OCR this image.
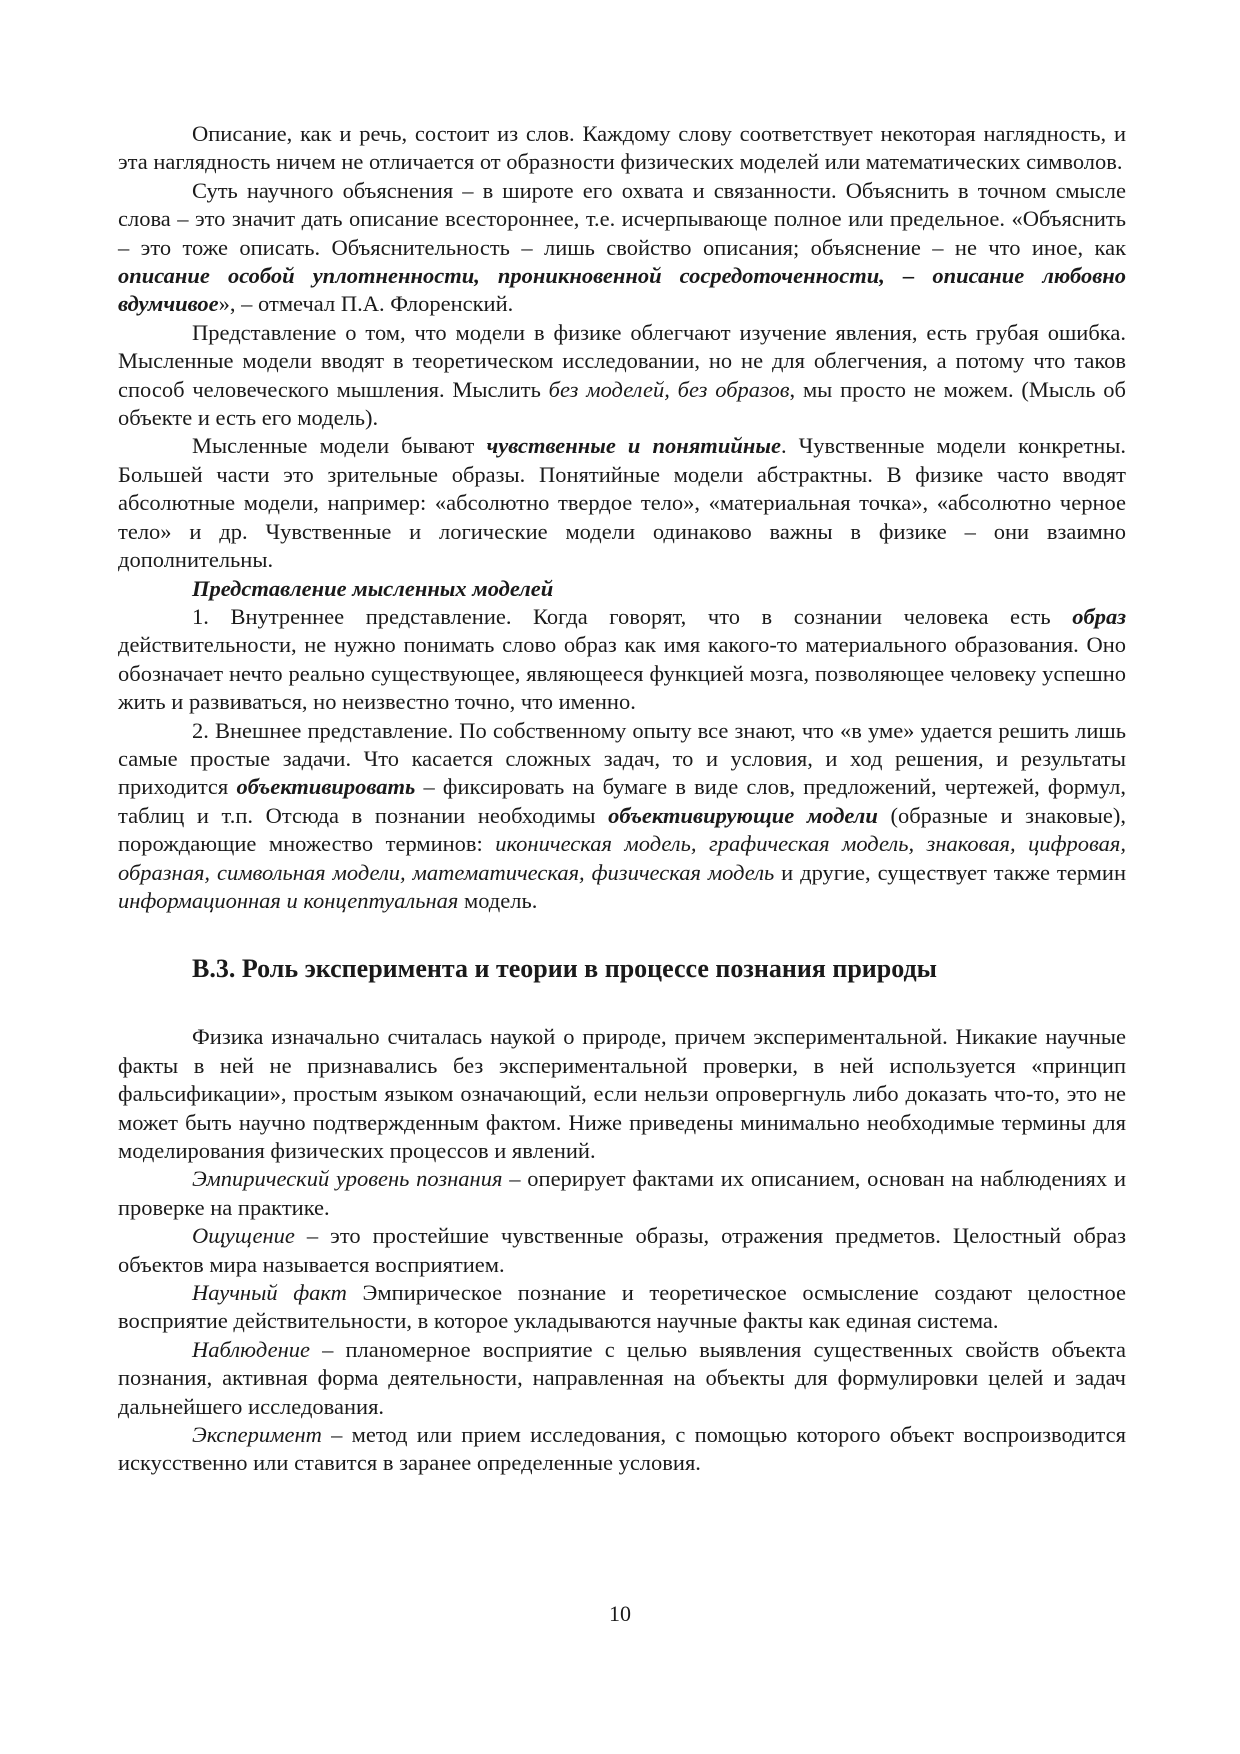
Описание, как и речь, состоит из слов. Каждому слову соответствует некоторая наглядность, и эта наглядность ничем не отличается от образности физических моделей или математических символов.

Суть научного объяснения – в широте его охвата и связанности. Объяснить в точном смысле слова – это значит дать описание всестороннее, т.е. исчерпывающе полное или предельное. «Объяснить – это тоже описать. Объяснительность – лишь свойство описания; объяснение – не что иное, как описание особой уплотненности, проникновенной сосредоточенности, – описание любовно вдумчивое», – отмечал П.А. Флоренский.

Представление о том, что модели в физике облегчают изучение явления, есть грубая ошибка. Мысленные модели вводят в теоретическом исследовании, но не для облегчения, а потому что таков способ человеческого мышления. Мыслить без моделей, без образов, мы просто не можем. (Мысль об объекте и есть его модель).

Мысленные модели бывают чувственные и понятийные. Чувственные модели конкретны. Большей части это зрительные образы. Понятийные модели абстрактны. В физике часто вводят абсолютные модели, например: «абсолютно твердое тело», «материальная точка», «абсолютно черное тело» и др. Чувственные и логические модели одинаково важны в физике – они взаимно дополнительны.

Представление мысленных моделей

1. Внутреннее представление. Когда говорят, что в сознании человека есть образ действительности, не нужно понимать слово образ как имя какого-то материального образования. Оно обозначает нечто реально существующее, являющееся функцией мозга, позволяющее человеку успешно жить и развиваться, но неизвестно точно, что именно.

2. Внешнее представление. По собственному опыту все знают, что «в уме» удается решить лишь самые простые задачи. Что касается сложных задач, то и условия, и ход решения, и результаты приходится объективировать – фиксировать на бумаге в виде слов, предложений, чертежей, формул, таблиц и т.п. Отсюда в познании необходимы объективирующие модели (образные и знаковые), порождающие множество терминов: иконическая модель, графическая модель, знаковая, цифровая, образная, символьная модели, математическая, физическая модель и другие, существует также термин информационная и концептуальная модель.

В.3. Роль эксперимента и теории в процессе познания природы

Физика изначально считалась наукой о природе, причем экспериментальной. Никакие научные факты в ней не признавались без экспериментальной проверки, в ней используется «принцип фальсификации», простым языком означающий, если нельзи опровергнуль либо доказать что-то, это не может быть научно подтвержденным фактом. Ниже приведены минимально необходимые термины для моделирования физических процессов и явлений.

Эмпирический уровень познания – оперирует фактами их описанием, основан на наблюдениях и проверке на практике.

Ощущение – это простейшие чувственные образы, отражения предметов. Целостный образ объектов мира называется восприятием.

Научный факт Эмпирическое познание и теоретическое осмысление создают целостное восприятие действительности, в которое укладываются научные факты как единая система.

Наблюдение – планомерное восприятие с целью выявления существенных свойств объекта познания, активная форма деятельности, направленная на объекты для формулировки целей и задач дальнейшего исследования.

Эксперимент – метод или прием исследования, с помощью которого объект воспроизводится искусственно или ставится в заранее определенные условия.

10
